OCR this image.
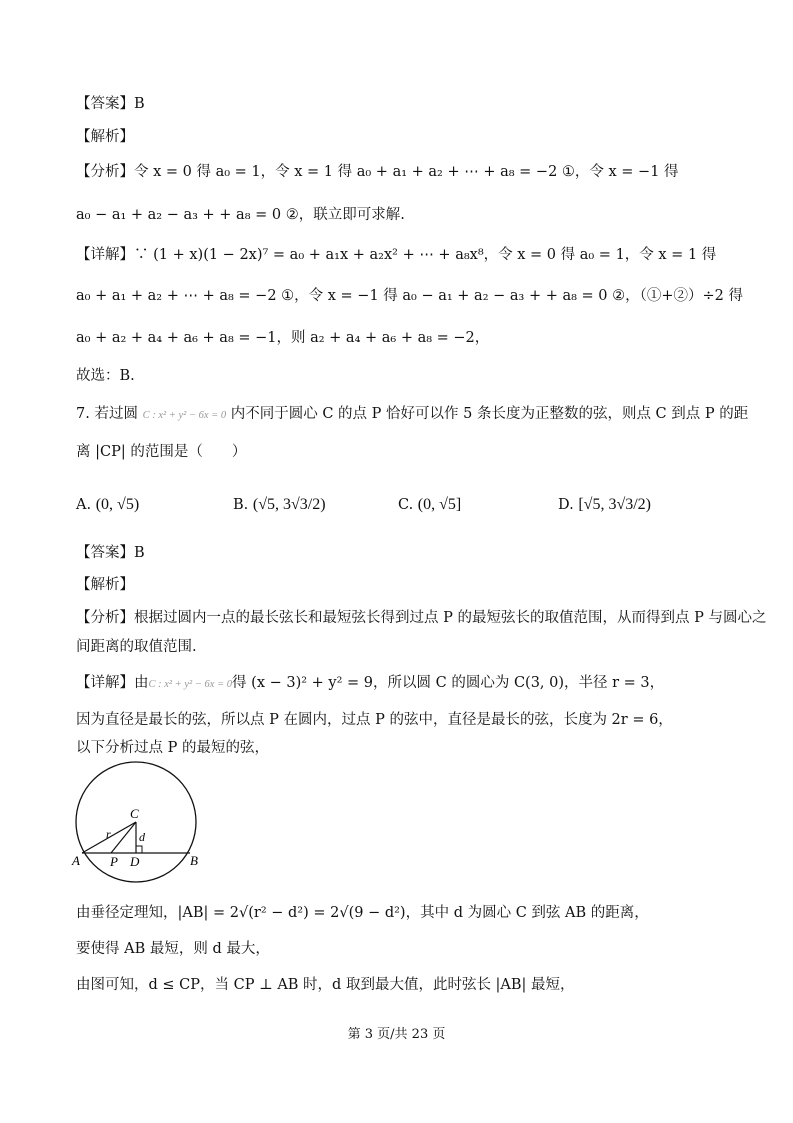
【答案】B
【解析】
【分析】令 x = 0 得 a₀ = 1，令 x = 1 得 a₀ + a₁ + a₂ + ⋯ + a₈ = −2 ①，令 x = −1 得
a₀ − a₁ + a₂ − a₃ + + a₈ = 0 ②，联立即可求解.
【详解】∵ (1 + x)(1 − 2x)⁷ = a₀ + a₁x + a₂x² + ⋯ + a₈x⁸，令 x = 0 得 a₀ = 1，令 x = 1 得
a₀ + a₁ + a₂ + ⋯ + a₈ = −2 ①，令 x = −1 得 a₀ − a₁ + a₂ − a₃ + + a₈ = 0 ②，（①+②）÷2 得
a₀ + a₂ + a₄ + a₆ + a₈ = −1，则 a₂ + a₄ + a₆ + a₈ = −2，
故选：B.
7. 若过圆 C : x² + y² − 6x = 0 内不同于圆心 C 的点 P 恰好可以作 5 条长度为正整数的弦，则点 C 到点 P 的距
离 |CP| 的范围是（　　）
A. (0, √5)	B. (√5, 3√3/2)	C. (0, √5]	D. [√5, 3√3/2)
【答案】B
【解析】
【分析】根据过圆内一点的最长弦长和最短弦长得到过点 P 的最短弦长的取值范围，从而得到点 P 与圆心之
间距离的取值范围.
【详解】由C : x² + y² − 6x = 0得 (x − 3)² + y² = 9，所以圆 C 的圆心为 C(3, 0)，半径 r = 3，
因为直径是最长的弦，所以点 P 在圆内，过点 P 的弦中，直径是最长的弦，长度为 2r = 6，
以下分析过点 P 的最短的弦，
C
r d
A P D	B
由垂径定理知，|AB| = 2√(r² − d²) = 2√(9 − d²)，其中 d 为圆心 C 到弦 AB 的距离，
要使得 AB 最短，则 d 最大，
由图可知，d ≤ CP，当 CP ⊥ AB 时，d 取到最大值，此时弦长 |AB| 最短，
第 3 页/共 23 页
